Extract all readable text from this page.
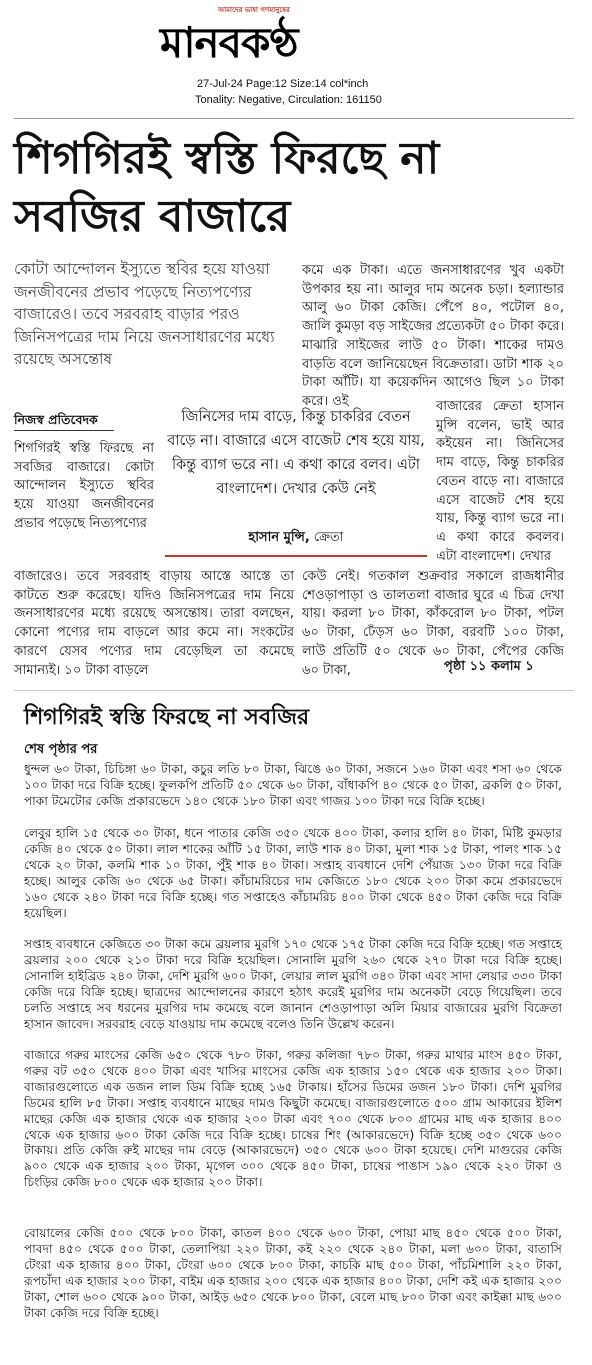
আমাদের ভাষা গণমানুষের
মানবকণ্ঠ
27-Jul-24 Page:12 Size:14 col*inch
Tonality: Negative, Circulation: 161150
শিগগিরই স্বস্তি ফিরছে না সবজির বাজারে
কোটা আন্দোলন ইস্যুতে স্থবির হয়ে যাওয়া জনজীবনের প্রভাব পড়েছে নিত্যপণ্যের বাজারেও। তবে সরবরাহ বাড়ার পরও জিনিসপত্রের দাম নিয়ে জনসাধারণের মধ্যে রয়েছে অসন্তোষ
নিজস্ব প্রতিবেদক
শিগগিরই স্বস্তি ফিরছে না সবজির বাজারে। কোটা আন্দোলন ইস্যুতে স্থবির হয়ে যাওয়া জনজীবনের প্রভাব পড়েছে নিত্যপণ্যের
বাজারেও। তবে সরবরাহ বাড়ায় আস্তে আস্তে তা কাটতে শুরু করেছে। যদিও জিনিসপত্রের দাম নিয়ে জনসাধারণের মধ্যে রয়েছে অসন্তোষ। তারা বলছেন, কোনো পণ্যের দাম বাড়লে আর কমে না। সংকটের কারণে যেসব পণ্যের দাম বেড়েছিল তা কমেছে সামান্যই। ১০ টাকা বাড়লে
কমে এক টাকা। এতে জনসাধারণের খুব একটা উপকার হয় না। আলুর দাম অনেক চড়া। হল্যান্ডার আলু ৬০ টাকা কেজি। পেঁপে ৪০, পটোল ৪০, জালি কুমড়া বড় সাইজের প্রত্যেকটা ৫০ টাকা করে। মাঝারি সাইজের লাউ ৫০ টাকা। শাকের দামও বাড়তি বলে জানিয়েছেন বিক্রেতারা। ডাটা শাক ২০ টাকা আঁটি। যা কয়েকদিন আগেও ছিল ১০ টাকা করে। ওই	বাজারের ক্রেতা হাসান মুন্সি বলেন, ভাই আর কইয়েন না। জিনিসের দাম বাড়ে, কিন্তু চাকরির বেতন বাড়ে না। বাজারে এসে বাজেট শেষ হয়ে যায়, কিন্তু ব্যাগ ভরে না। এ কথা কারে কবলব। এটা বাংলাদেশ। দেখার
কেউ নেই। গতকাল শুক্রবার সকালে রাজধানীর শেওড়াপাড়া ও তালতলা বাজার ঘুরে এ চিত্র দেখা যায়। করলা ৮০ টাকা, কাঁকরোল ৮০ টাকা, পটল ৬০ টাকা, ঢেঁড়স ৬০ টাকা, বরবটি ১০০ টাকা, লাউ প্রতিটি ৫০ থেকে ৬০ টাকা, পেঁপের কেজি ৬০ টাকা,	পৃষ্ঠা ১১ কলাম ১
জিনিসের দাম বাড়ে, কিন্তু চাকরির বেতন বাড়ে না। বাজারে এসে বাজেট শেষ হয়ে যায়, কিন্তু ব্যাগ ভরে না। এ কথা কারে বলব। এটা বাংলাদেশ। দেখার কেউ নেই
হাসান মুন্সি, ক্রেতা
শিগগিরই স্বস্তি ফিরছে না সবজির
শেষ পৃষ্ঠার পর
ধুন্দল ৬০ টাকা, চিচিঙ্গা ৬০ টাকা, কচুর লতি ৮০ টাকা, ঝিঙে ৬০ টাকা, সজনে ১৬০ টাকা এবং শসা ৬০ থেকে ১০০ টাকা দরে বিক্রি হচ্ছে। ফুলকপি প্রতিটি ৫০ থেকে ৬০ টাকা, বাঁধাকপি ৪০ থেকে ৫০ টাকা, ব্রকলি ৫০ টাকা, পাকা টমেটোর কেজি প্রকারভেদে ১৪০ থেকে ১৮০ টাকা এবং গাজর ১০০ টাকা দরে বিক্রি হচ্ছে।
লেবুর হালি ১৫ থেকে ৩০ টাকা, ধনে পাতার কেজি ৩৫০ থেকে ৪০০ টাকা, কলার হালি ৪০ টাকা, মিষ্টি কুমড়ার কেজি ৪০ থেকে ৫০ টাকা। লাল শাকের আঁটি ১৫ টাকা, লাউ শাক ৪০ টাকা, মুলা শাক ১৫ টাকা, পালং শাক ১৫ থেকে ২০ টাকা, কলমি শাক ১০ টাকা, পুঁই শাক ৪০ টাকা। সপ্তাহ ব্যবধানে দেশি পেঁয়াজ ১৩০ টাকা দরে বিক্রি হচ্ছে। আলুর কেজি ৬০ থেকে ৬৫ টাকা। কাঁচামরিচের দাম কেজিতে ১৮০ থেকে ২০০ টাকা কমে প্রকারভেদে ১৬০ থেকে ২৪০ টাকা দরে বিক্রি হচ্ছে। গত সপ্তাহেও কাঁচামরিচ ৪০০ টাকা থেকে ৪৫০ টাকা কেজি দরে বিক্রি হয়েছিল।
সপ্তাহ ব্যবধানে কেজিতে ৩০ টাকা কমে ব্রয়লার মুরগি ১৭০ থেকে ১৭৫ টাকা কেজি দরে বিক্রি হচ্ছে। গত সপ্তাহে ব্রয়লার ২০০ থেকে ২১০ টাকা দরে বিক্রি হয়েছিল। সোনালি মুরগি ২৬০ থেকে ২৭০ টাকা দরে বিক্রি হচ্ছে। সোনালি হাইব্রিড ২৪০ টাকা, দেশি মুরগি ৬০০ টাকা, লেয়ার লাল মুরগি ৩৪০ টাকা এবং সাদা লেয়ার ৩৩০ টাকা কেজি দরে বিক্রি হচ্ছে। ছাত্রদের আন্দোলনের কারণে হঠাৎ করেই মুরগির দাম অনেকটা বেড়ে গিয়েছিল। তবে চলতি সপ্তাহে সব ধরনের মুরগির দাম কমেছে বলে জানান শেওড়াপাড়া অলি মিয়ার বাজারের মুরগি বিক্রেতা হাসান জাবেদ। সরবরাহ বেড়ে যাওয়ায় দাম কমেছে বলেও তিনি উল্লেখ করেন।
বাজারে গরুর মাংসের কেজি ৬৫০ থেকে ৭৮০ টাকা, গরুর কলিজা ৭৮০ টাকা, গরুর মাথার মাংস ৪৫০ টাকা, গরুর বট ৩৫০ থেকে ৪০০ টাকা এবং খাসির মাংসের কেজি এক হাজার ১৫০ থেকে এক হাজার ২০০ টাকা। বাজারগুলোতে এক ডজন লাল ডিম বিক্রি হচ্ছে ১৬৫ টাকায়। হাঁসের ডিমের ডজন ১৮০ টাকা। দেশি মুরগির ডিমের হালি ৮৫ টাকা। সপ্তাহ ব্যবধানে মাছের দামও কিছুটা কমেছে। বাজারগুলোতে ৫০০ গ্রাম আকারের ইলিশ মাছের কেজি এক হাজার থেকে এক হাজার ২০০ টাকা এবং ৭০০ থেকে ৮০০ গ্রামের মাছ এক হাজার ৪০০ থেকে এক হাজার ৬০০ টাকা কেজি দরে বিক্রি হচ্ছে। চাষের শিং (আকারভেদে) বিক্রি হচ্ছে ৩৫০ থেকে ৬০০ টাকায়। প্রতি কেজি রুই মাছের দাম বেড়ে (আকারভেদে) ৩৫০ থেকে ৬০০ টাকা হয়েছে। দেশি মাগুরের কেজি ৯০০ থেকে এক হাজার ২০০ টাকা, মৃগেল ৩০০ থেকে ৪৫০ টাকা, চাষের পাঙাস ১৯০ থেকে ২২০ টাকা ও চিংড়ির কেজি ৮০০ থেকে এক হাজার ২০০ টাকা।
বোয়ালের কেজি ৫০০ থেকে ৮০০ টাকা, কাতল ৪০০ থেকে ৬০০ টাকা, পোয়া মাছ ৪৫০ থেকে ৫০০ টাকা, পাবদা ৪৫০ থেকে ৫০০ টাকা, তেলাপিয়া ২২০ টাকা, কই ২২০ থেকে ২৪০ টাকা, মলা ৬০০ টাকা, বাতাসি টেংরা এক হাজার ৪০০ টাকা, টেংরা ৬০০ থেকে ৮০০ টাকা, কাচকি মাছ ৫০০ টাকা, পাঁচমিশালি ২২০ টাকা, রূপচাঁদা এক হাজার ২০০ টাকা, বাইম এক হাজার ২০০ থেকে এক হাজার ৪০০ টাকা, দেশি কই এক হাজার ২০০ টাকা, শোল ৬০০ থেকে ৯০০ টাকা, আইড় ৬৫০ থেকে ৮০০ টাকা, বেলে মাছ ৮০০ টাকা এবং কাইক্কা মাছ ৬০০ টাকা কেজি দরে বিক্রি হচ্ছে।
